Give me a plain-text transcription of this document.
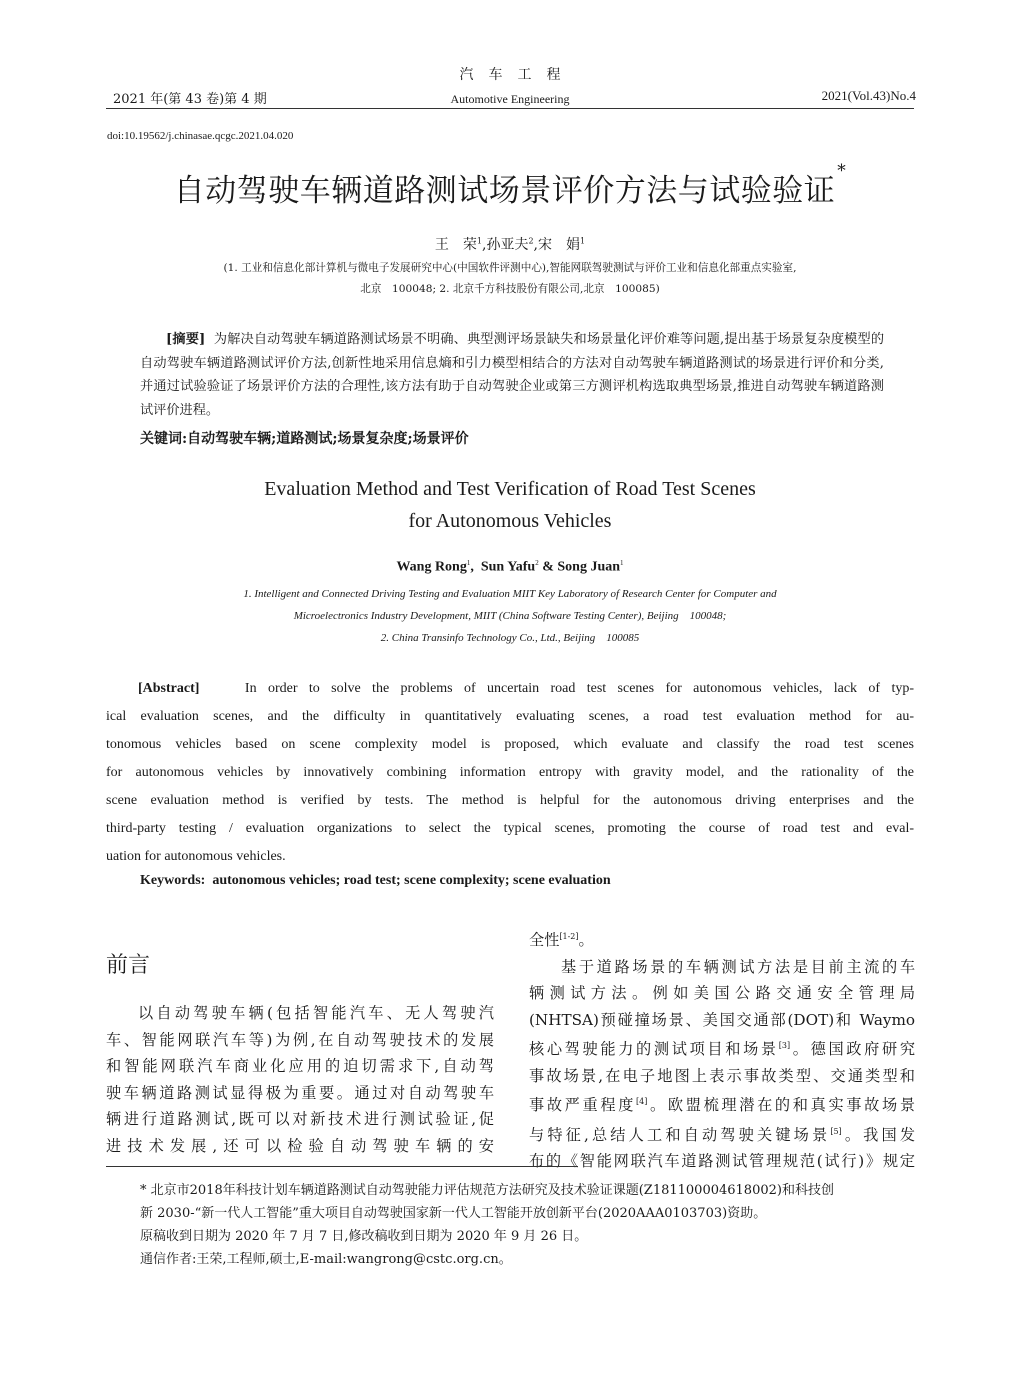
汽车工程
Automotive Engineering
2021 年(第 43 卷)第 4 期	2021(Vol.43)No.4
doi:10.19562/j.chinasae.qcgc.2021.04.020
自动驾驶车辆道路测试场景评价方法与试验验证*
王　荣$^1$,孙亚夫$^2$,宋　娟$^1$
(1. 工业和信息化部计算机与微电子发展研究中心(中国软件评测中心),智能网联驾驶测试与评价工业和信息化部重点实验室,
北京　100048; 2. 北京千方科技股份有限公司,北京　100085)
[摘要] 为解决自动驾驶车辆道路测试场景不明确、典型测评场景缺失和场景量化评价难等问题,提出基于场景复杂度模型的自动驾驶车辆道路测试评价方法,创新性地采用信息熵和引力模型相结合的方法对自动驾驶车辆道路测试的场景进行评价和分类,并通过试验验证了场景评价方法的合理性,该方法有助于自动驾驶企业或第三方测评机构选取典型场景,推进自动驾驶车辆道路测试评价进程。
关键词:自动驾驶车辆;道路测试;场景复杂度;场景评价
Evaluation Method and Test Verification of Road Test Scenes
for Autonomous Vehicles
Wang Rong$^1$, Sun Yafu$^2$ & Song Juan$^1$
1. Intelligent and Connected Driving Testing and Evaluation MIIT Key Laboratory of Research Center for Computer and
Microelectronics Industry Development, MIIT (China Software Testing Center), Beijing　100048;
2. China Transinfo Technology Co., Ltd., Beijing　100085
[Abstract]	In order to solve the problems of uncertain road test scenes for autonomous vehicles, lack of typ-
ical evaluation scenes, and the difficulty in quantitatively evaluating scenes, a road test evaluation method for au-
tonomous vehicles based on scene complexity model is proposed, which evaluate and classify the road test scenes
for autonomous vehicles by innovatively combining information entropy with gravity model, and the rationality of the
scene evaluation method is verified by tests. The method is helpful for the autonomous driving enterprises and the
third-party testing / evaluation organizations to select the typical scenes, promoting the course of road test and eval-
uation for autonomous vehicles.
Keywords: autonomous vehicles; road test; scene complexity; scene evaluation
前言
以自动驾驶车辆(包括智能汽车、无人驾驶汽
车、智能网联汽车等)为例,在自动驾驶技术的发展
和智能网联汽车商业化应用的迫切需求下,自动驾
驶车辆道路测试显得极为重要。通过对自动驾驶车
辆进行道路测试,既可以对新技术进行测试验证,促
进技术发展,还可以检验自动驾驶车辆的安
全性[1-2]。
基于道路场景的车辆测试方法是目前主流的车
辆测试方法。例如美国公路交通安全管理局
(NHTSA)预碰撞场景、美国交通部(DOT)和 Waymo
核心驾驶能力的测试项目和场景[3]。德国政府研究
事故场景,在电子地图上表示事故类型、交通类型和
事故严重程度[4]。欧盟梳理潜在的和真实事故场景
与特征,总结人工和自动驾驶关键场景[5]。我国发
布的《智能网联汽车道路测试管理规范(试行)》规定
* 北京市2018年科技计划车辆道路测试自动驾驶能力评估规范方法研究及技术验证课题(Z181100004618002)和科技创
新 2030-“新一代人工智能”重大项目自动驾驶国家新一代人工智能开放创新平台(2020AAA0103703)资助。
原稿收到日期为 2020 年 7 月 7 日,修改稿收到日期为 2020 年 9 月 26 日。
通信作者:王荣,工程师,硕士,E-mail:wangrong@cstc.org.cn。
